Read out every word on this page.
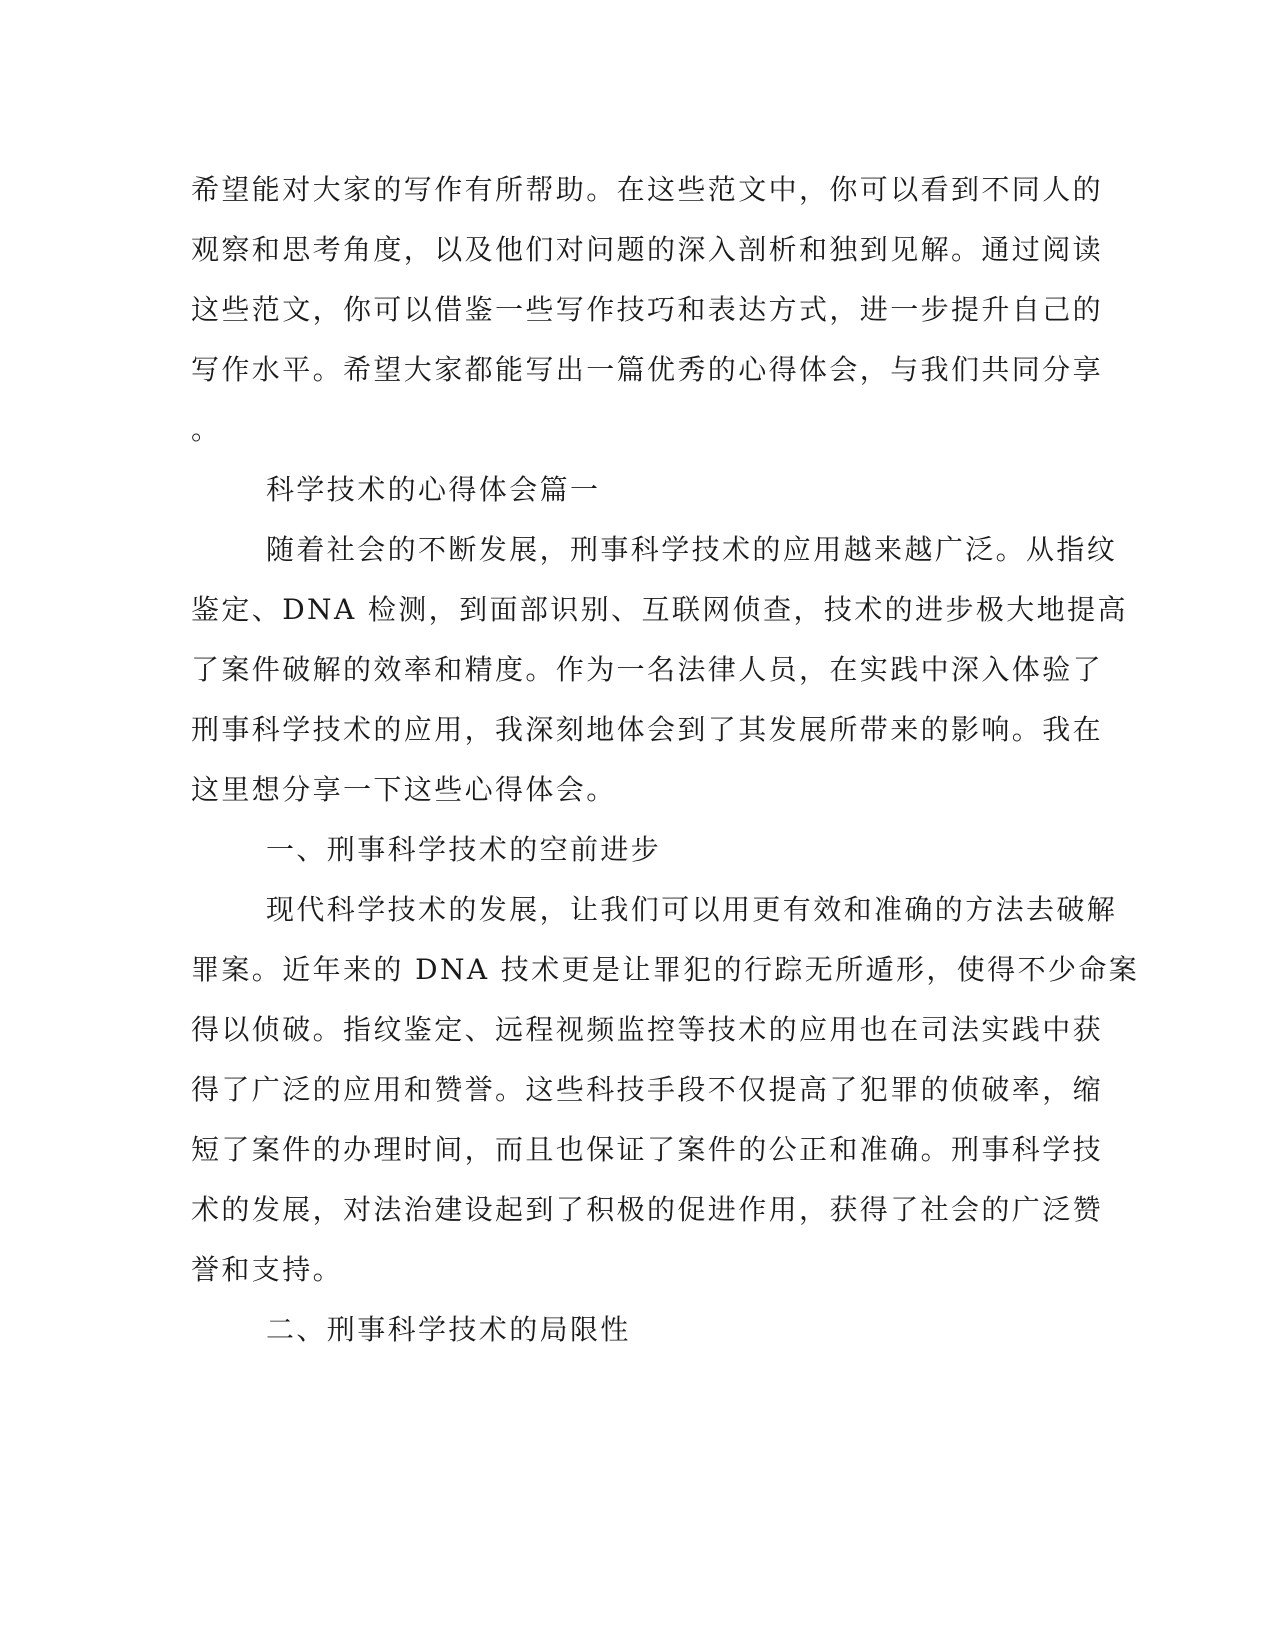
希望能对大家的写作有所帮助。在这些范文中，你可以看到不同人的
观察和思考角度，以及他们对问题的深入剖析和独到见解。通过阅读
这些范文，你可以借鉴一些写作技巧和表达方式，进一步提升自己的
写作水平。希望大家都能写出一篇优秀的心得体会，与我们共同分享
。
科学技术的心得体会篇一
随着社会的不断发展，刑事科学技术的应用越来越广泛。从指纹
鉴定、DNA 检测，到面部识别、互联网侦查，技术的进步极大地提高
了案件破解的效率和精度。作为一名法律人员，在实践中深入体验了
刑事科学技术的应用，我深刻地体会到了其发展所带来的影响。我在
这里想分享一下这些心得体会。
一、刑事科学技术的空前进步
现代科学技术的发展，让我们可以用更有效和准确的方法去破解
罪案。近年来的 DNA 技术更是让罪犯的行踪无所遁形，使得不少命案
得以侦破。指纹鉴定、远程视频监控等技术的应用也在司法实践中获
得了广泛的应用和赞誉。这些科技手段不仅提高了犯罪的侦破率，缩
短了案件的办理时间，而且也保证了案件的公正和准确。刑事科学技
术的发展，对法治建设起到了积极的促进作用，获得了社会的广泛赞
誉和支持。
二、刑事科学技术的局限性
